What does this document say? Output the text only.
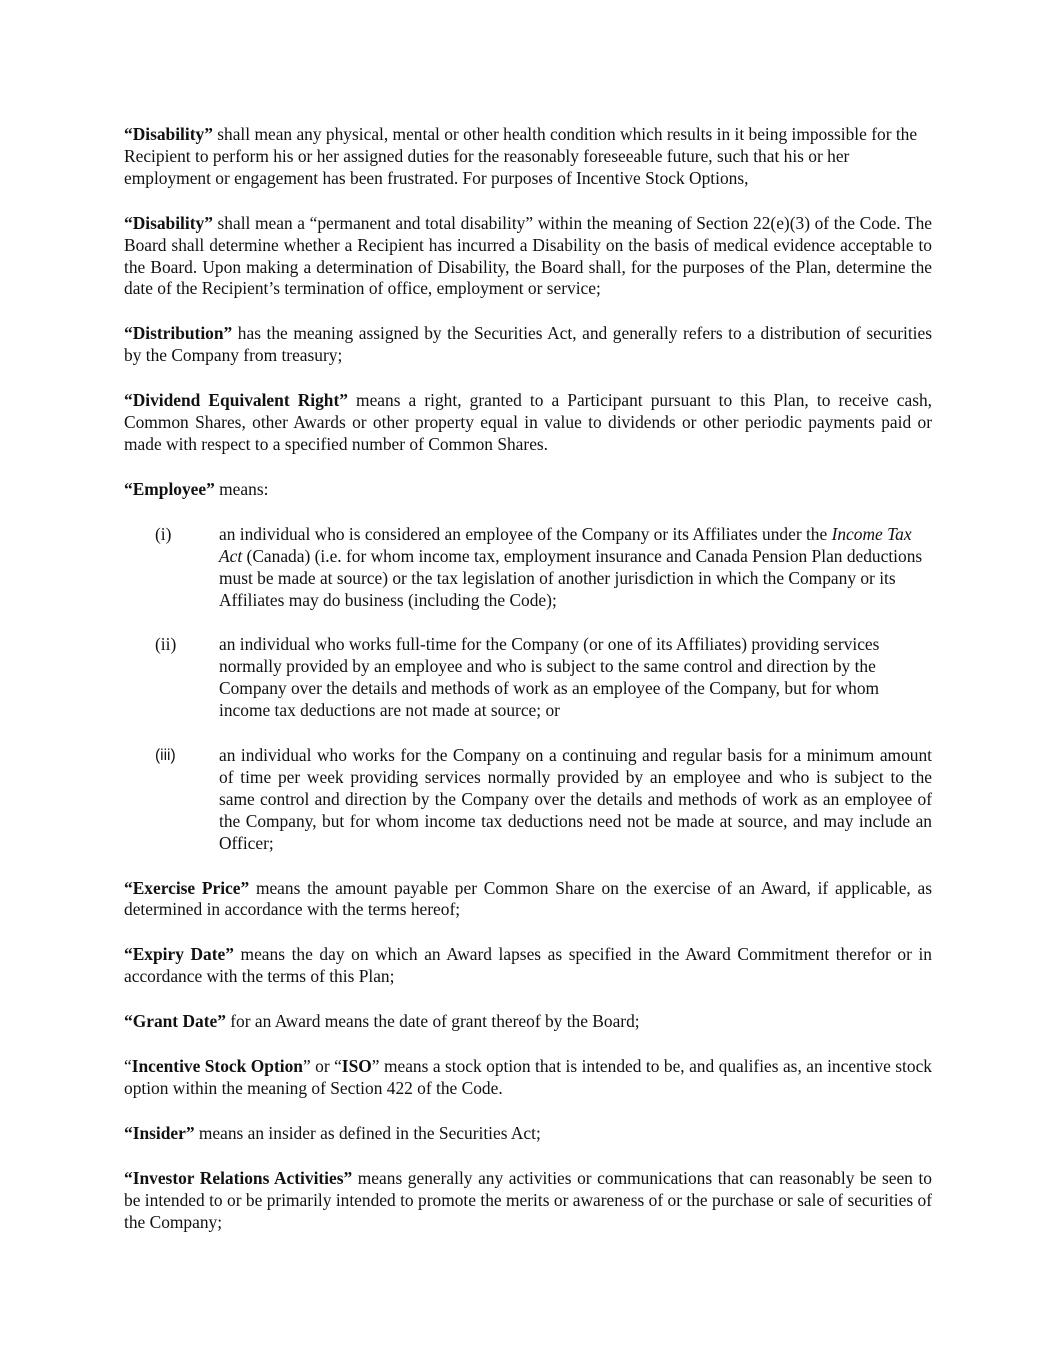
“Disability” shall mean any physical, mental or other health condition which results in it being impossible for the Recipient to perform his or her assigned duties for the reasonably foreseeable future, such that his or her employment or engagement has been frustrated. For purposes of Incentive Stock Options,

“Disability” shall mean a “permanent and total disability” within the meaning of Section 22(e)(3) of the Code. The Board shall determine whether a Recipient has incurred a Disability on the basis of medical evidence acceptable to the Board. Upon making a determination of Disability, the Board shall, for the purposes of the Plan, determine the date of the Recipient’s termination of office, employment or service;

“Distribution” has the meaning assigned by the Securities Act, and generally refers to a distribution of securities by the Company from treasury;

“Dividend Equivalent Right” means a right, granted to a Participant pursuant to this Plan, to receive cash, Common Shares, other Awards or other property equal in value to dividends or other periodic payments paid or made with respect to a specified number of Common Shares.

“Employee” means:

(i)	an individual who is considered an employee of the Company or its Affiliates under the Income Tax Act (Canada) (i.e. for whom income tax, employment insurance and Canada Pension Plan deductions must be made at source) or the tax legislation of another jurisdiction in which the Company or its Affiliates may do business (including the Code);
(ii)	an individual who works full-time for the Company (or one of its Affiliates) providing services normally provided by an employee and who is subject to the same control and direction by the Company over the details and methods of work as an employee of the Company, but for whom income tax deductions are not made at source; or
(iii)	an individual who works for the Company on a continuing and regular basis for a minimum amount of time per week providing services normally provided by an employee and who is subject to the same control and direction by the Company over the details and methods of work as an employee of the Company, but for whom income tax deductions need not be made at source, and may include an Officer;

“Exercise Price” means the amount payable per Common Share on the exercise of an Award, if applicable, as determined in accordance with the terms hereof;

“Expiry Date” means the day on which an Award lapses as specified in the Award Commitment therefor or in accordance with the terms of this Plan;

“Grant Date” for an Award means the date of grant thereof by the Board;

“Incentive Stock Option” or “ISO” means a stock option that is intended to be, and qualifies as, an incentive stock option within the meaning of Section 422 of the Code.

“Insider” means an insider as defined in the Securities Act;

“Investor Relations Activities” means generally any activities or communications that can reasonably be seen to be intended to or be primarily intended to promote the merits or awareness of or the purchase or sale of securities of the Company;
